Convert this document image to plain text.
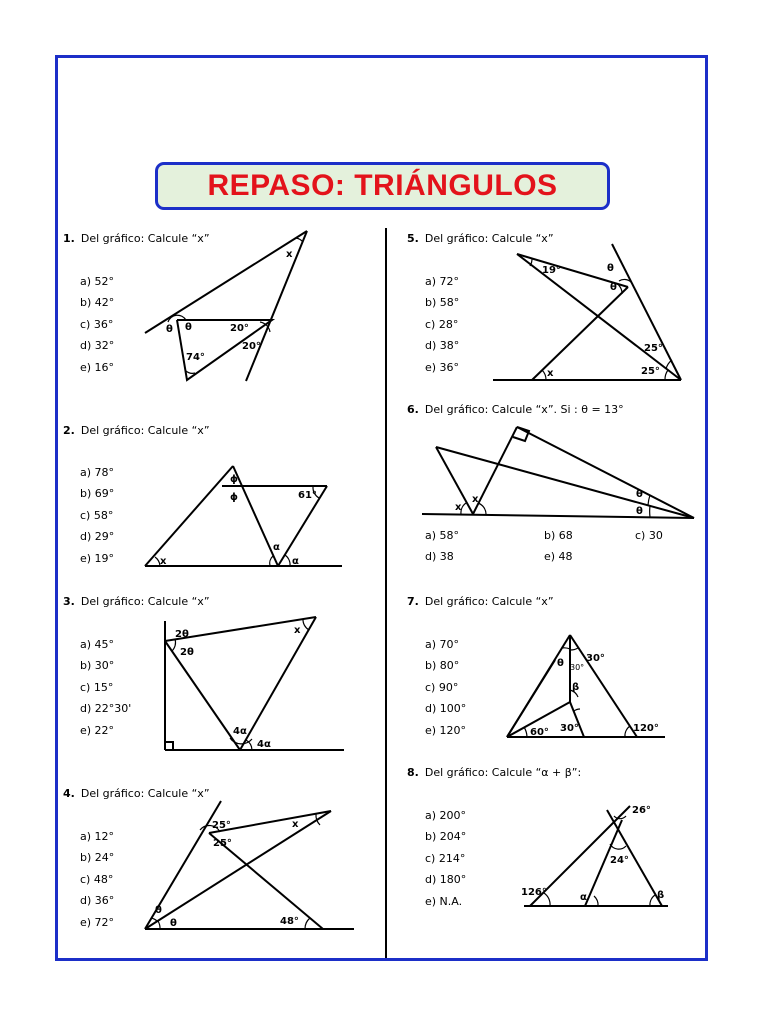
REPASO: TRIÁNGULOS
1. Del gráfico: Calcule “x”
a) 52°
b) 42°
c) 36°
d) 32°
e) 16°
x
θ θ	20°
20°
74°
2. Del gráfico: Calcule “x”
a) 78°
b) 69°
c) 58°
d) 29°
e) 19°	x
ϕ
ϕ	61°
α
α
3. Del gráfico: Calcule “x”
a) 45°
b) 30°
c) 15°
d) 22°30'
e) 22°
2θ
2θ
x
4α
4α
4. Del gráfico: Calcule “x”
a) 12°
b) 24°
c) 48°
d) 36°
e) 72°
25°
25°
x
θ
θ	48°
5. Del gráfico: Calcule “x”
a) 72°
b) 58°
c) 28°
d) 38°
e) 36°
19°	θ
θ
25°
25°
x
6. Del gráfico: Calcule “x”. Si : θ = 13°
x
x	θ
θ
a) 58°	b) 68	c) 30
d) 38	e) 48
7. Del gráfico: Calcule “x”
a) 70°
b) 80°
c) 90°
d) 100°
e) 120°
θ 30°
30°
β
60° 30°	120°
8. Del gráfico: Calcule “α + β”:
a) 200°
b) 204°
c) 214°
d) 180°
e) N.A.
26°
24°
126°	α	β
